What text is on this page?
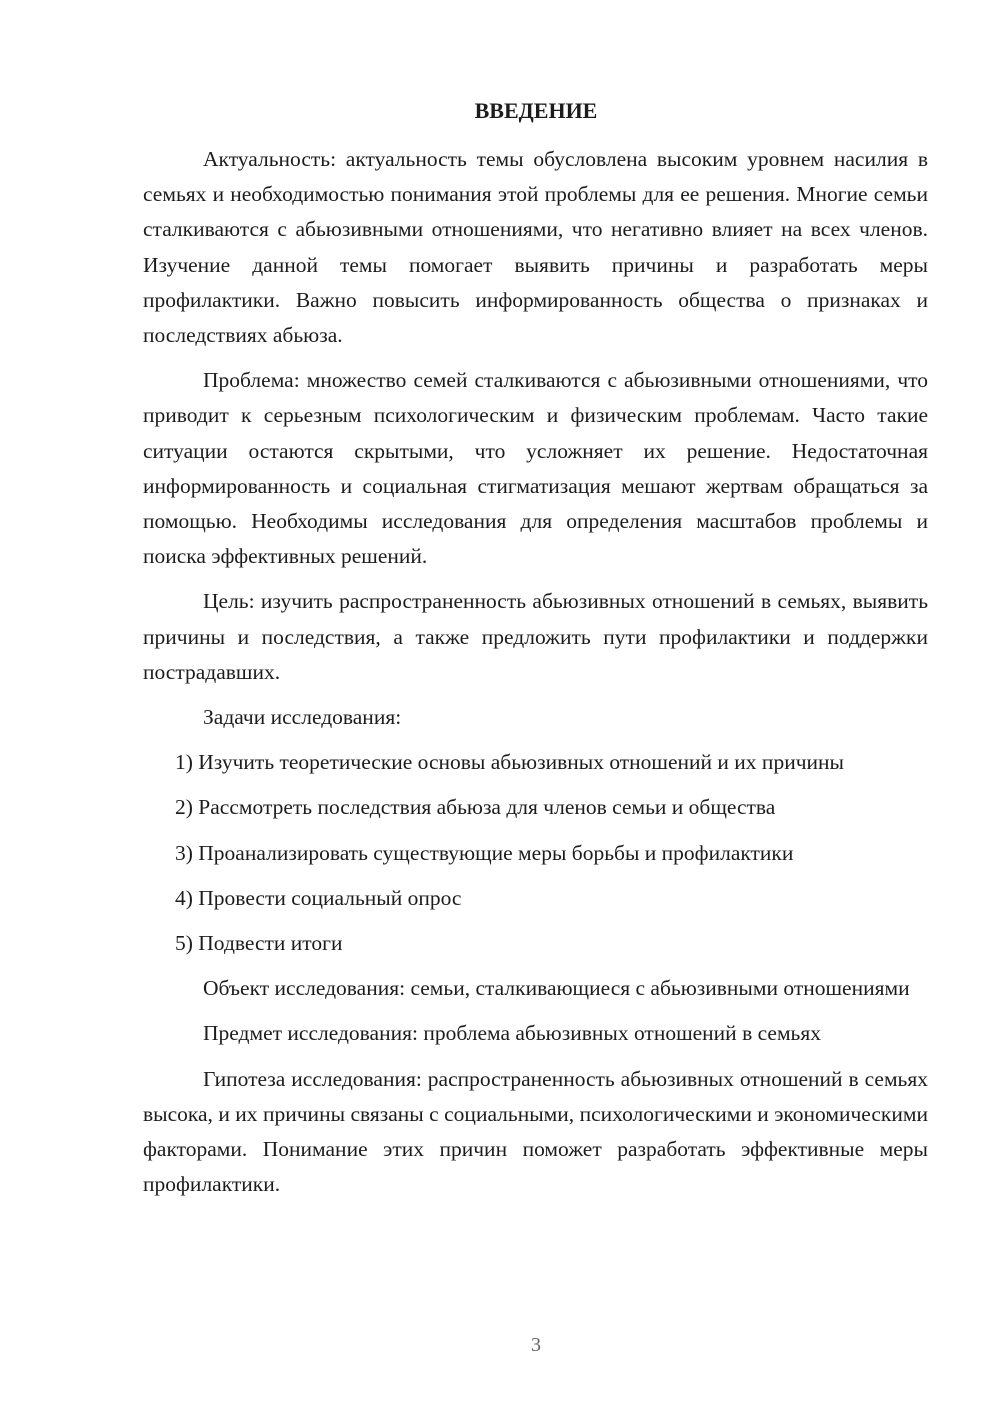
ВВЕДЕНИЕ

Актуальность: актуальность темы обусловлена высоким уровнем насилия в семьях и необходимостью понимания этой проблемы для ее решения. Многие семьи сталкиваются с абьюзивными отношениями, что негативно влияет на всех членов. Изучение данной темы помогает выявить причины и разработать меры профилактики. Важно повысить информированность общества о признаках и последствиях абьюза.

Проблема: множество семей сталкиваются с абьюзивными отношениями, что приводит к серьезным психологическим и физическим проблемам. Часто такие ситуации остаются скрытыми, что усложняет их решение. Недостаточная информированность и социальная стигматизация мешают жертвам обращаться за помощью. Необходимы исследования для определения масштабов проблемы и поиска эффективных решений.

Цель: изучить распространенность абьюзивных отношений в семьях, выявить причины и последствия, а также предложить пути профилактики и поддержки пострадавших.

Задачи исследования:

1) Изучить теоретические основы абьюзивных отношений и их причины

2) Рассмотреть последствия абьюза для членов семьи и общества

3) Проанализировать существующие меры борьбы и профилактики

4) Провести социальный опрос

5) Подвести итоги

Объект исследования: семьи, сталкивающиеся с абьюзивными отношениями

Предмет исследования: проблема абьюзивных отношений в семьях

Гипотеза исследования: распространенность абьюзивных отношений в семьях высока, и их причины связаны с социальными, психологическими и экономическими факторами. Понимание этих причин поможет разработать эффективные меры профилактики.

3
